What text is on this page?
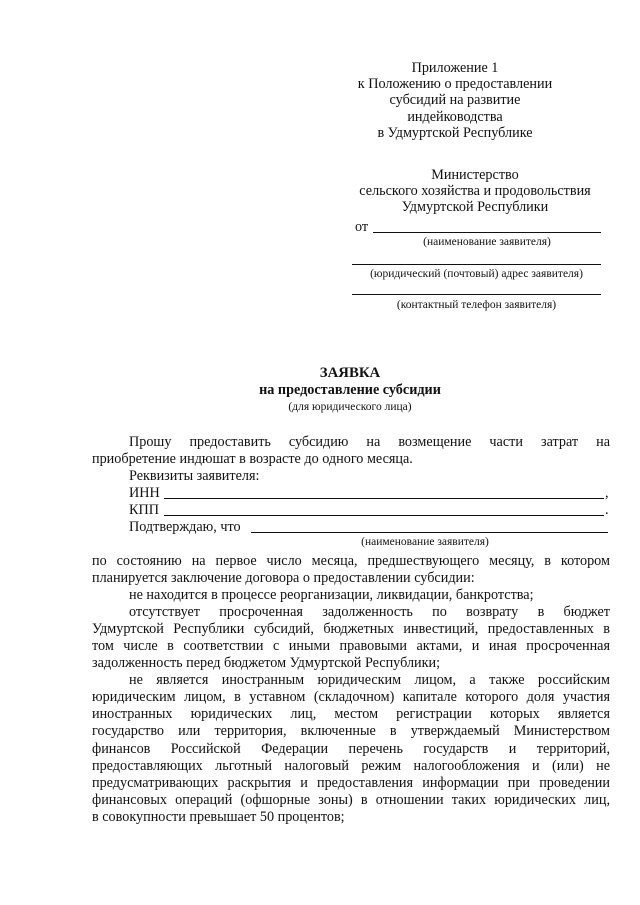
Приложение 1
к Положению о предоставлении
субсидий на развитие
индейководства
в Удмуртской Республике
Министерство
сельского хозяйства и продовольствия
Удмуртской Республики
от
(наименование заявителя)
(юридический (почтовый) адрес заявителя)
(контактный телефон заявителя)
ЗАЯВКА
на предоставление субсидии
(для юридического лица)
Прошу   предоставить   субсидию   на   возмещение   части   затрат   на
приобретение индюшат в возрасте до одного месяца.
Реквизиты заявителя:
ИНН	,
КПП	.
Подтверждаю, что
(наименование заявителя)
по состоянию на первое число месяца, предшествующего месяцу, в котором
планируется заключение договора о предоставлении субсидии:
не находится в процессе реорганизации, ликвидации, банкротства;
отсутствует   просроченная   задолженность   по   возврату   в   бюджет
Удмуртской Республики субсидий, бюджетных инвестиций, предоставленных в
том числе в соответствии с иными правовыми актами, и иная просроченная
задолженность перед бюджетом Удмуртской Республики;
не  является  иностранным  юридическим  лицом,  а  также  российским
юридическим лицом, в уставном (складочном) капитале которого доля участия
иностранных   юридических   лиц,   местом   регистрации   которых   является
государство или территория, включенные в утверждаемый Министерством
финансов   Российской   Федерации   перечень   государств   и   территорий,
предоставляющих льготный налоговый режим налогообложения и (или) не
предусматривающих раскрытия и предоставления информации при проведении
финансовых операций (офшорные зоны) в отношении таких юридических лиц,
в совокупности превышает 50 процентов;
